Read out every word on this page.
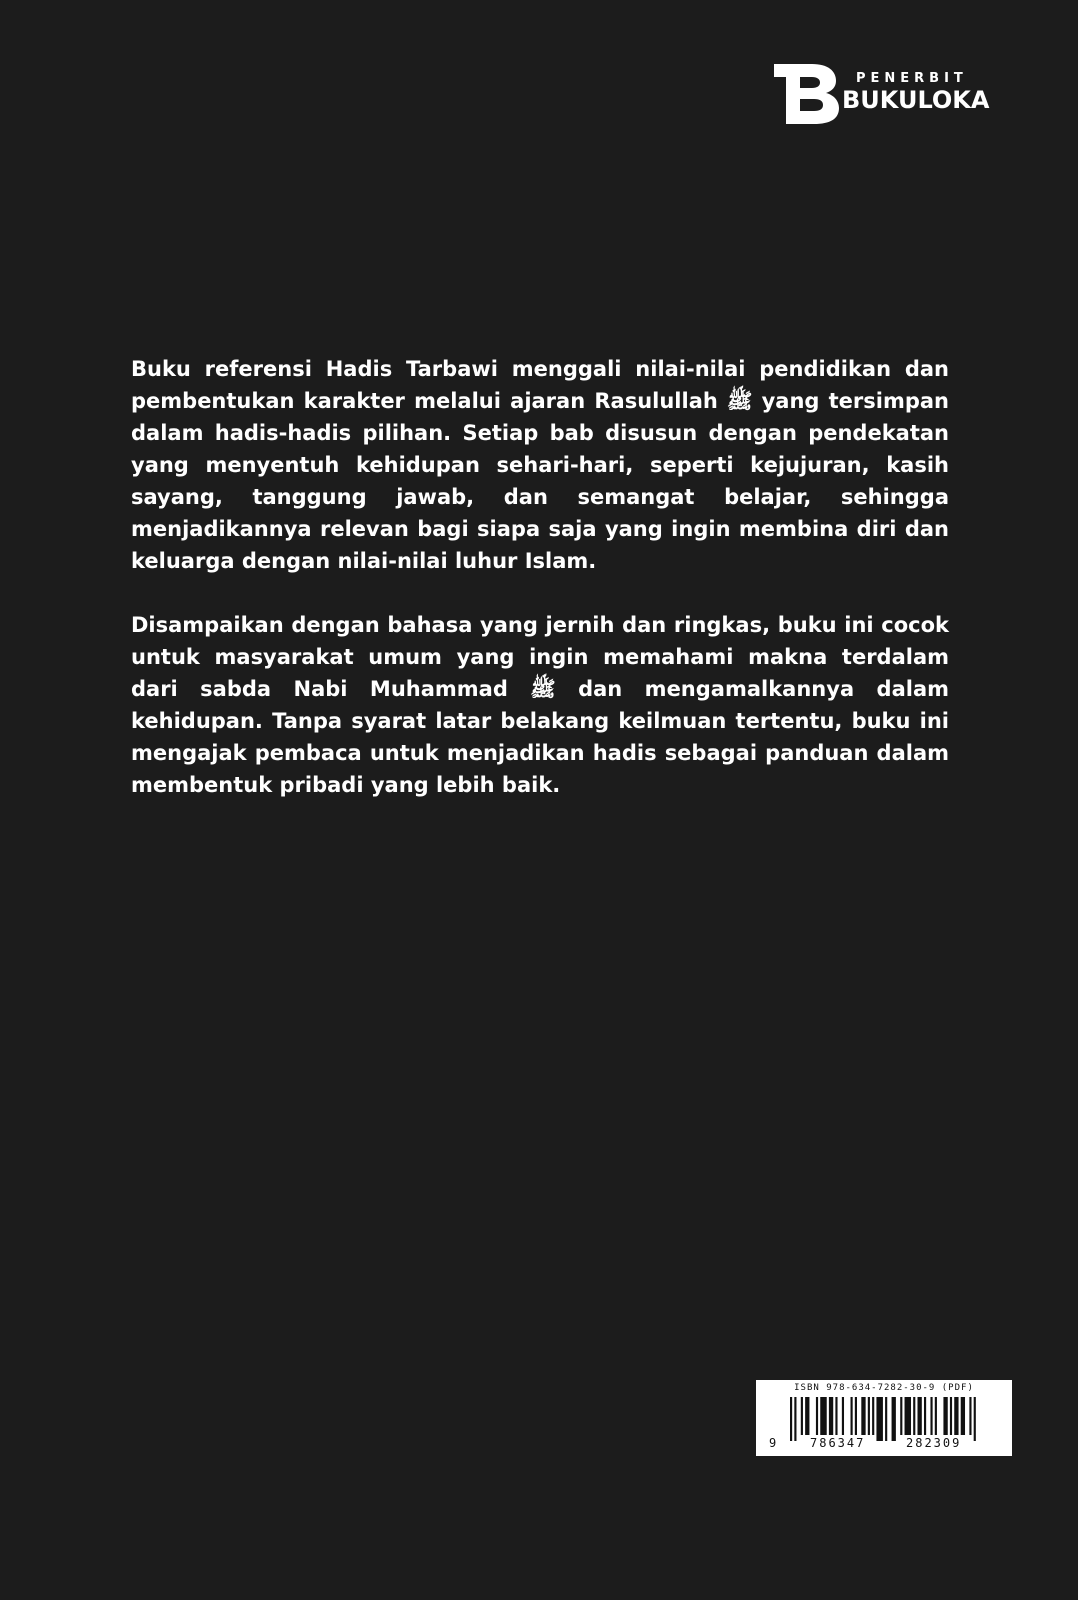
PENERBIT
BUKULOKA

Buku referensi Hadis Tarbawi menggali nilai-nilai pendidikan dan pembentukan karakter melalui ajaran Rasulullah ﷺ yang tersimpan dalam hadis-hadis pilihan. Setiap bab disusun dengan pendekatan yang menyentuh kehidupan sehari-hari, seperti kejujuran, kasih sayang, tanggung jawab, dan semangat belajar, sehingga menjadikannya relevan bagi siapa saja yang ingin membina diri dan keluarga dengan nilai-nilai luhur Islam.

Disampaikan dengan bahasa yang jernih dan ringkas, buku ini cocok untuk masyarakat umum yang ingin memahami makna terdalam dari sabda Nabi Muhammad ﷺ dan mengamalkannya dalam kehidupan. Tanpa syarat latar belakang keilmuan tertentu, buku ini mengajak pembaca untuk menjadikan hadis sebagai panduan dalam membentuk pribadi yang lebih baik.

ISBN 978-634-7282-30-9 (PDF)
9	786347	282309
